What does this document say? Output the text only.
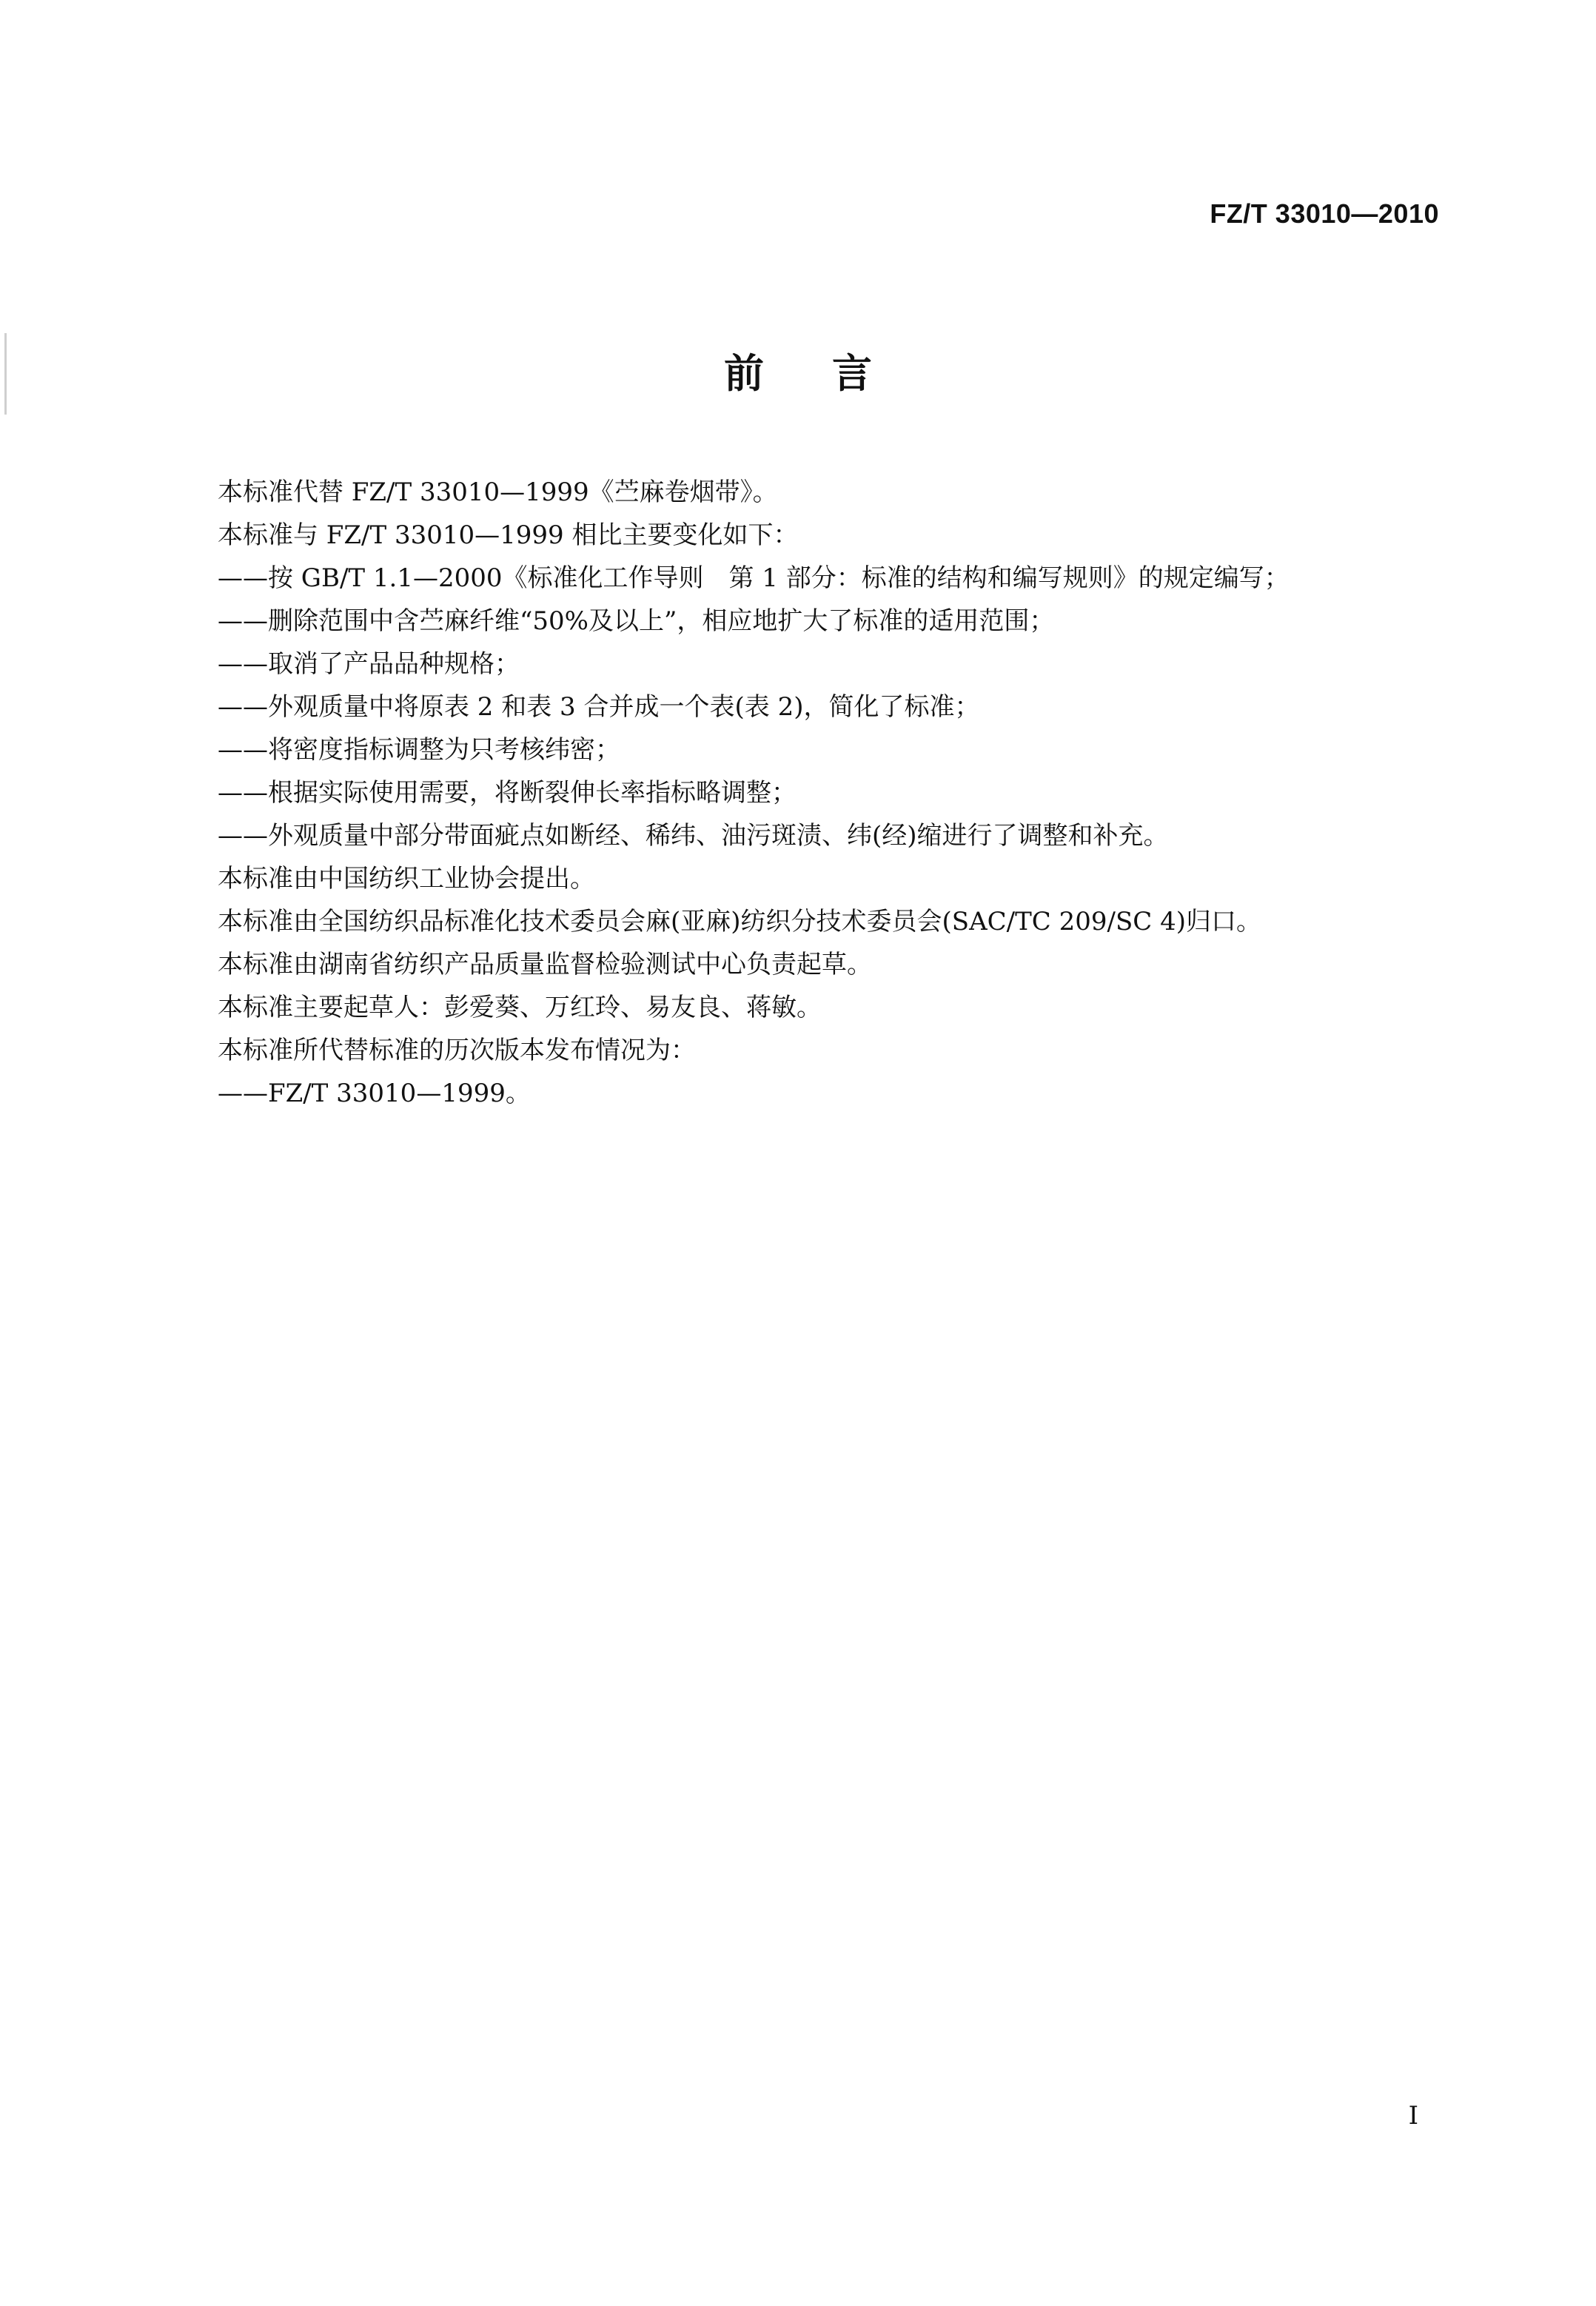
FZ/T 33010—2010
前言
本标准代替 FZ/T 33010—1999《苎麻卷烟带》。
本标准与 FZ/T 33010—1999 相比主要变化如下：
——按 GB/T 1.1—2000《标准化工作导则　第 1 部分：标准的结构和编写规则》的规定编写；
——删除范围中含苎麻纤维“50%及以上”，相应地扩大了标准的适用范围；
——取消了产品品种规格；
——外观质量中将原表 2 和表 3 合并成一个表(表 2)，简化了标准；
——将密度指标调整为只考核纬密；
——根据实际使用需要，将断裂伸长率指标略调整；
——外观质量中部分带面疵点如断经、稀纬、油污斑渍、纬(经)缩进行了调整和补充。
本标准由中国纺织工业协会提出。
本标准由全国纺织品标准化技术委员会麻(亚麻)纺织分技术委员会(SAC/TC 209/SC 4)归口。
本标准由湖南省纺织产品质量监督检验测试中心负责起草。
本标准主要起草人：彭爱葵、万红玲、易友良、蒋敏。
本标准所代替标准的历次版本发布情况为：
——FZ/T 33010—1999。
I
